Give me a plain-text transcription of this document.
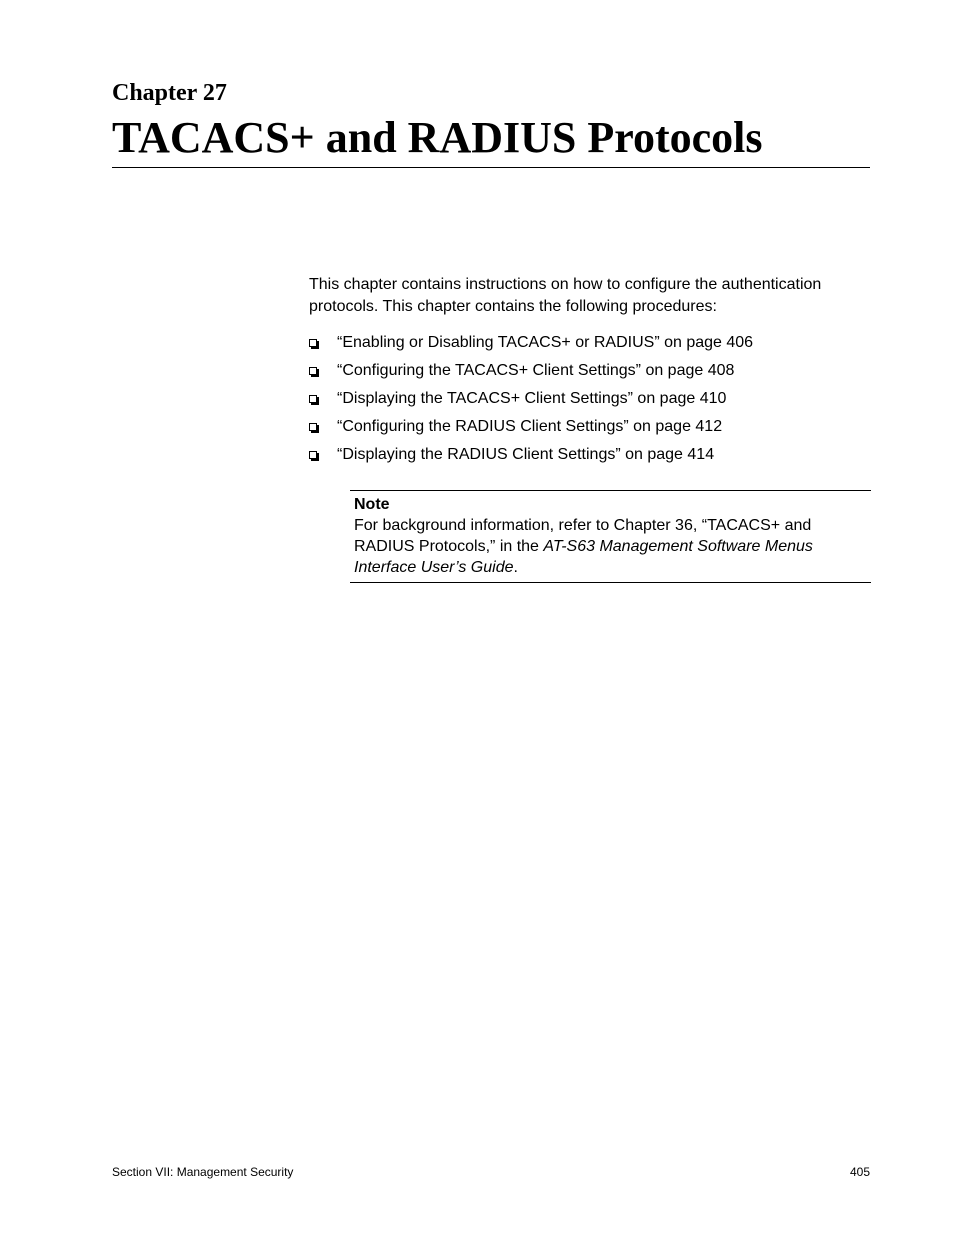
Chapter 27
TACACS+ and RADIUS Protocols

This chapter contains instructions on how to configure the authentication protocols. This chapter contains the following procedures:

“Enabling or Disabling TACACS+ or RADIUS” on page 406
“Configuring the TACACS+ Client Settings” on page 408
“Displaying the TACACS+ Client Settings” on page 410
“Configuring the RADIUS Client Settings” on page 412
“Displaying the RADIUS Client Settings” on page 414
Note
For background information, refer to Chapter 36, “TACACS+ and RADIUS Protocols,” in the AT-S63 Management Software Menus Interface User’s Guide.
Section VII: Management Security	405
